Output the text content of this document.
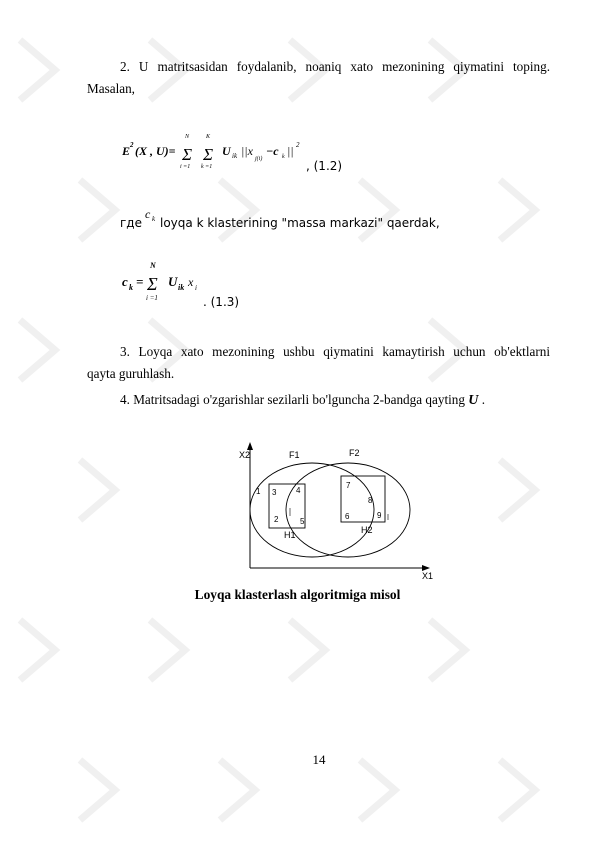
2. U matritsasidan foydalanib, noaniq xato mezonining qiymatini toping.

Masalan,

E 2 (X , U)= Σ
N
i =1
Σ
K
k =1
U ik ||x
j(i)
−c k || 2
, (1.2)
где
c k loyqa k klasterining "massa markazi" qaerdak,
c k = Σ
N
i =1
U ik x i
. (1.3)

3. Loyqa xato mezonining ushbu qiymatini kamaytirish uchun ob'ektlarni

qayta guruhlash.

4. Matritsadagi o'zgarishlar sezilarli bo'lguncha 2-bandga qayting U .

X2
X1
F1	F2
H1	H2
1
2
3 4
5
6
7
8
9
Loyqa klasterlash algoritmiga misol
14
